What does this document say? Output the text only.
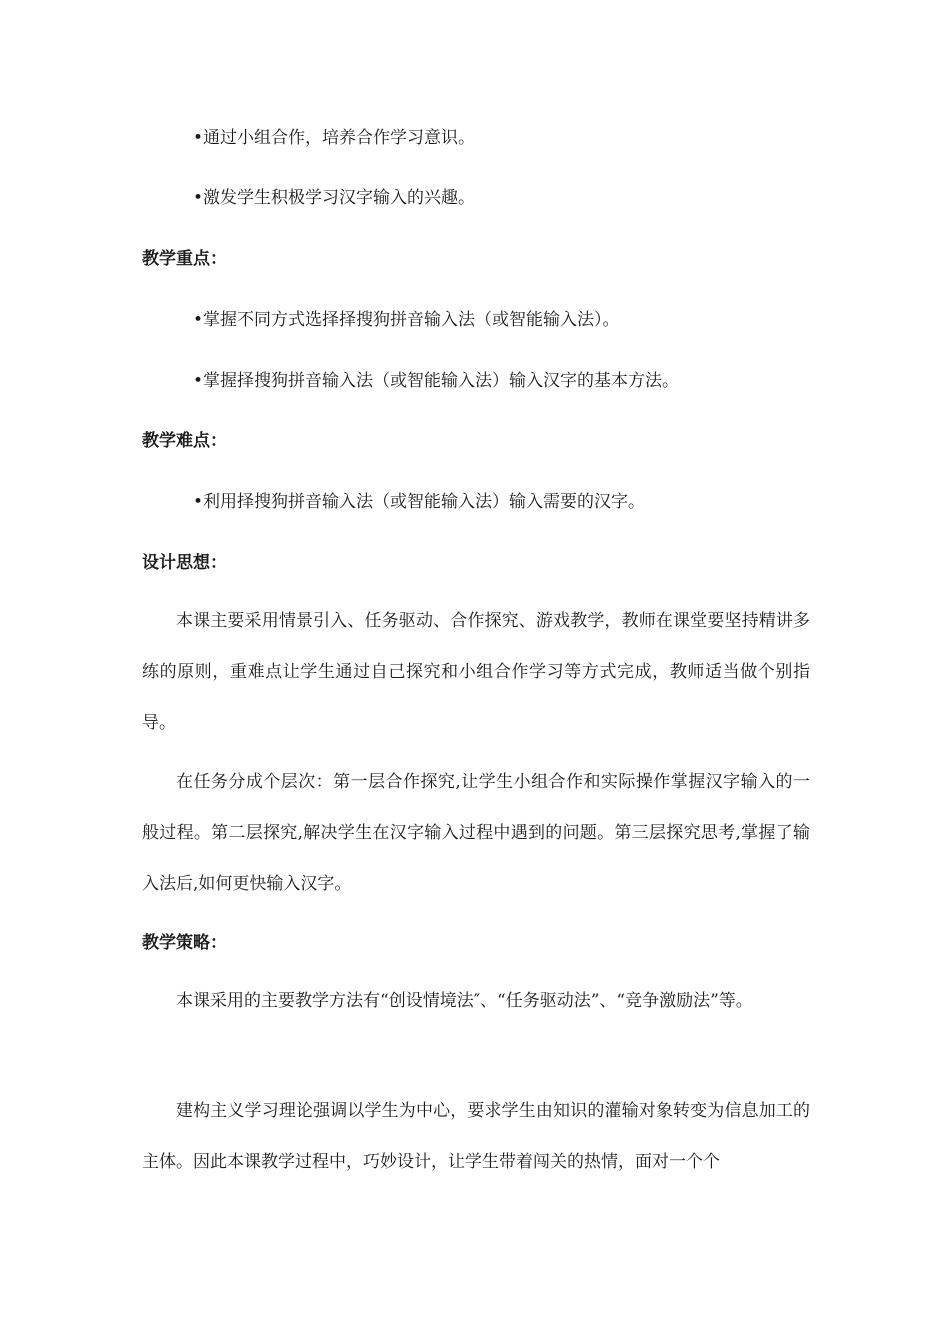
•通过小组合作，培养合作学习意识。
•激发学生积极学习汉字输入的兴趣。
教学重点：
•掌握不同方式选择择搜狗拼音输入法（或智能输入法）。
•掌握择搜狗拼音输入法（或智能输入法）输入汉字的基本方法。
教学难点：
•利用择搜狗拼音输入法（或智能输入法）输入需要的汉字。
设计思想：
本课主要采用情景引入、任务驱动、合作探究、游戏教学，教师在课堂要坚持精讲多练的原则，重难点让学生通过自己探究和小组合作学习等方式完成，教师适当做个别指导。
在任务分成个层次：第一层合作探究,让学生小组合作和实际操作掌握汉字输入的一般过程。第二层探究,解决学生在汉字输入过程中遇到的问题。第三层探究思考,掌握了输入法后,如何更快输入汉字。
教学策略：
本课采用的主要教学方法有“创设情境法″、“任务驱动法”、“竞争激励法”等。
建构主义学习理论强调以学生为中心，要求学生由知识的灌输对象转变为信息加工的主体。因此本课教学过程中，巧妙设计，让学生带着闯关的热情，面对一个个
